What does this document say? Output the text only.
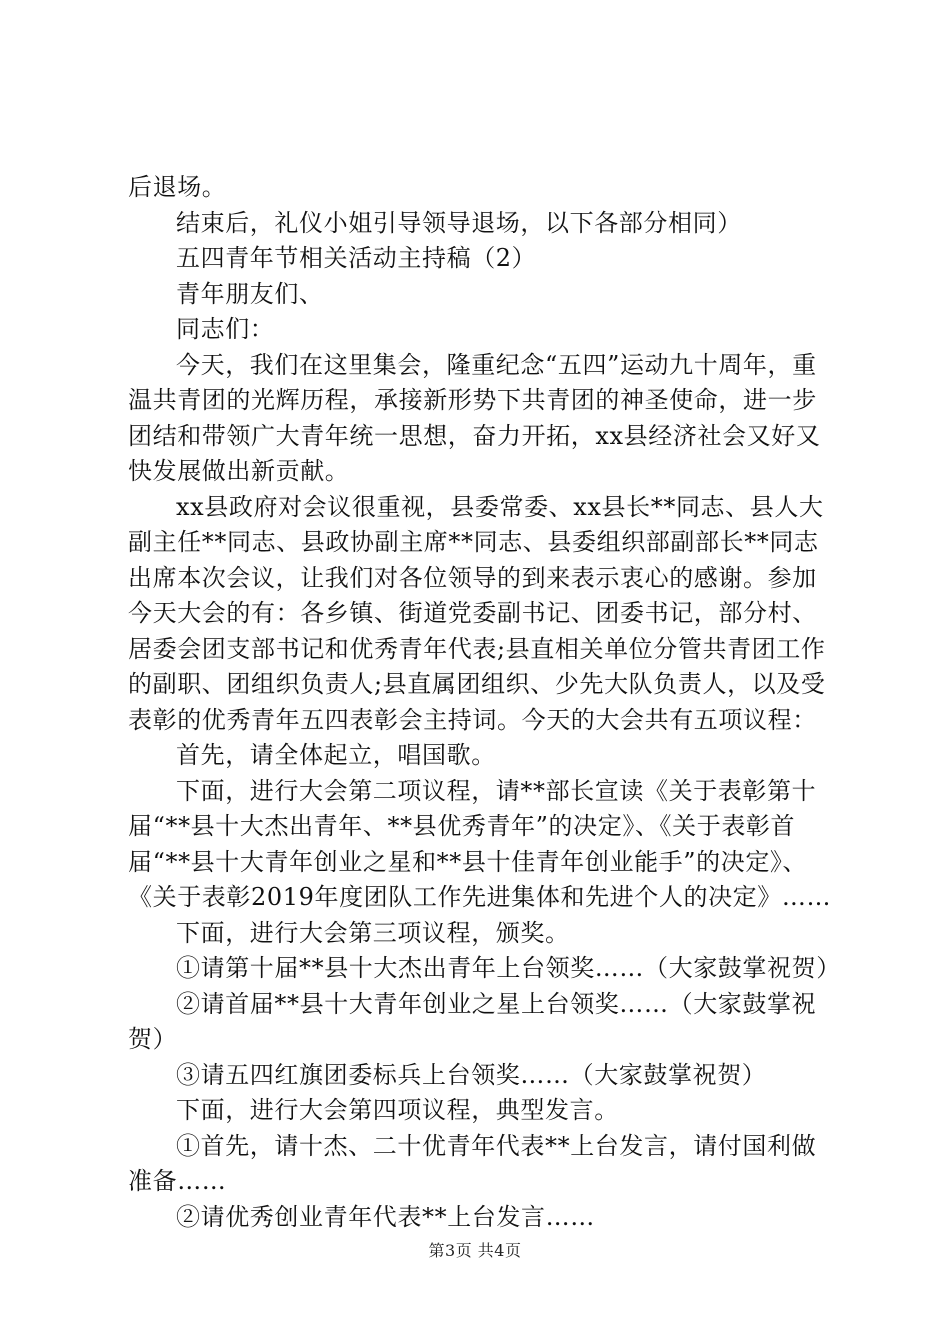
后退场。

结束后，礼仪小姐引导领导退场，以下各部分相同）

五四青年节相关活动主持稿（2）

青年朋友们、

同志们：

今天，我们在这里集会，隆重纪念“五四”运动九十周年，重温共青团的光辉历程，承接新形势下共青团的神圣使命，进一步团结和带领广大青年统一思想，奋力开拓，xx县经济社会又好又快发展做出新贡献。

xx县政府对会议很重视，县委常委、xx县长**同志、县人大副主任**同志、县政协副主席**同志、县委组织部副部长**同志出席本次会议，让我们对各位领导的到来表示衷心的感谢。参加今天大会的有：各乡镇、街道党委副书记、团委书记，部分村、居委会团支部书记和优秀青年代表;县直相关单位分管共青团工作的副职、团组织负责人;县直属团组织、少先大队负责人，以及受表彰的优秀青年五四表彰会主持词。今天的大会共有五项议程：

首先，请全体起立，唱国歌。

下面，进行大会第二项议程，请**部长宣读《关于表彰第十届“**县十大杰出青年、**县优秀青年”的决定》、《关于表彰首届“**县十大青年创业之星和**县十佳青年创业能手”的决定》、《关于表彰2019年度团队工作先进集体和先进个人的决定》……

下面，进行大会第三项议程，颁奖。

①请第十届**县十大杰出青年上台领奖……（大家鼓掌祝贺）

②请首届**县十大青年创业之星上台领奖……（大家鼓掌祝贺）

③请五四红旗团委标兵上台领奖……（大家鼓掌祝贺）

下面，进行大会第四项议程，典型发言。

①首先，请十杰、二十优青年代表**上台发言，请付国利做准备……

②请优秀创业青年代表**上台发言……

第3页 共4页
